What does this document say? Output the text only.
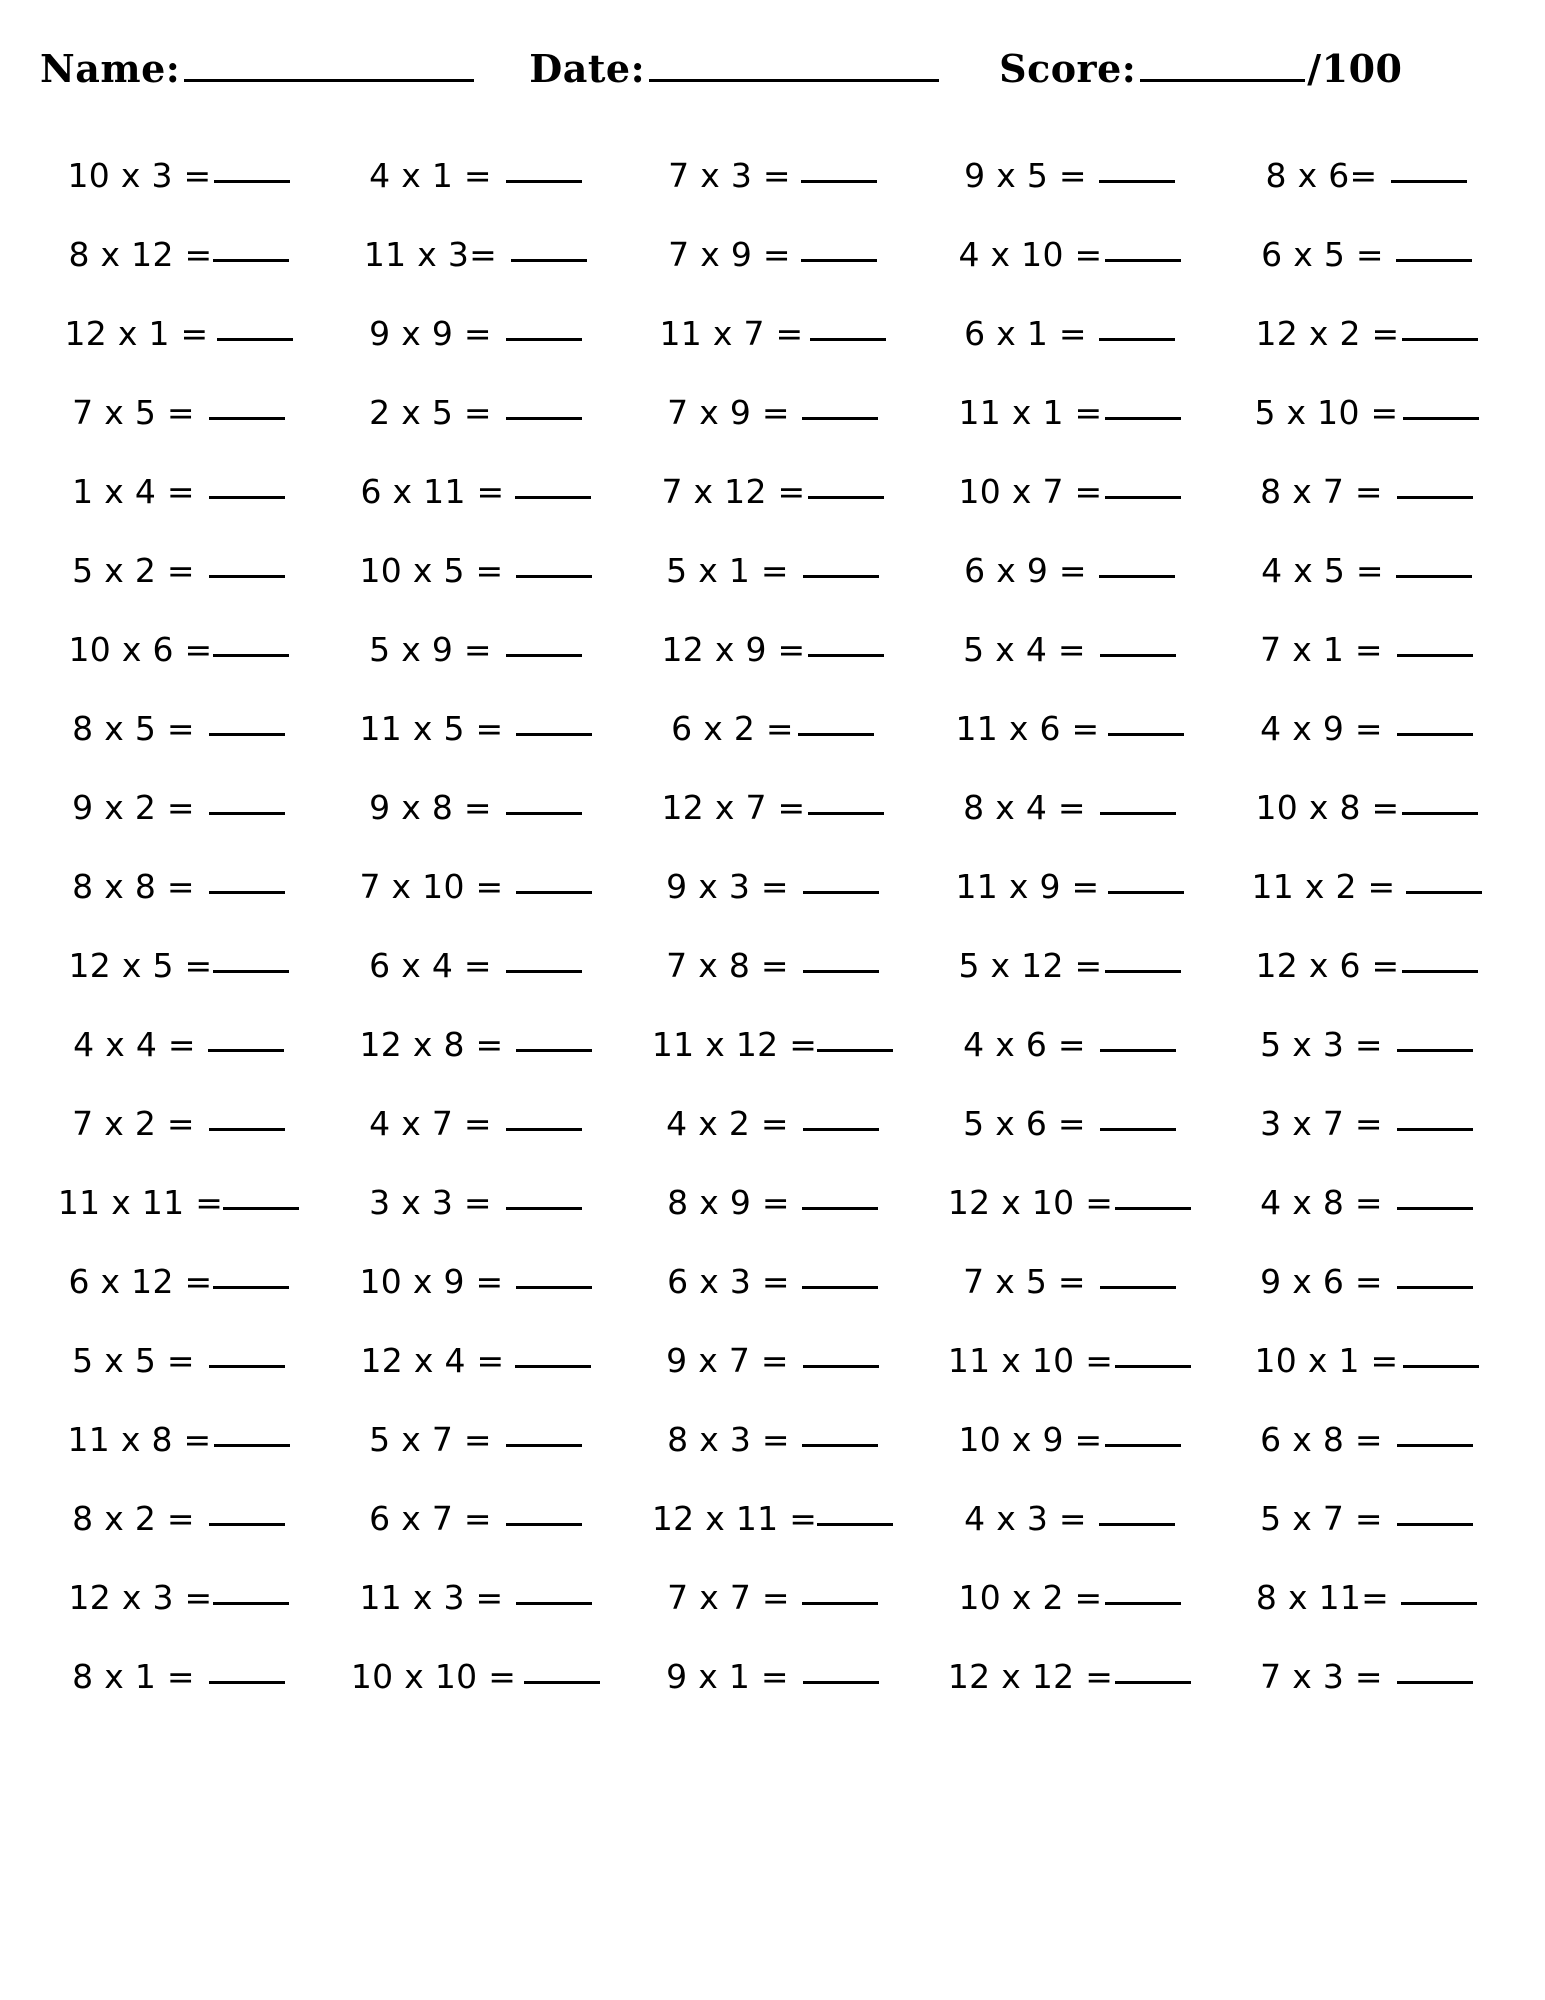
Name:	Date:	Score:	/100
10 x 3 =	4 x 1 =	7 x 3 =	9 x 5 =	8 x 6=
8 x 12 =	11 x 3=	7 x 9 =	4 x 10 =	6 x 5 =
12 x 1 =	9 x 9 =	11 x 7 =	6 x 1 =	12 x 2 =
7 x 5 =	2 x 5 =	7 x 9 =	11 x 1 =	5 x 10 =
1 x 4 =	6 x 11 =	7 x 12 =	10 x 7 =	8 x 7 =
5 x 2 =	10 x 5 =	5 x 1 =	6 x 9 =	4 x 5 =
10 x 6 =	5 x 9 =	12 x 9 =	5 x 4 =	7 x 1 =
8 x 5 =	11 x 5 =	6 x 2 =	11 x 6 =	4 x 9 =
9 x 2 =	9 x 8 =	12 x 7 =	8 x 4 =	10 x 8 =
8 x 8 =	7 x 10 =	9 x 3 =	11 x 9 =	11 x 2 =
12 x 5 =	6 x 4 =	7 x 8 =	5 x 12 =	12 x 6 =
4 x 4 =	12 x 8 =	11 x 12 =	4 x 6 =	5 x 3 =
7 x 2 =	4 x 7 =	4 x 2 =	5 x 6 =	3 x 7 =
11 x 11 =	3 x 3 =	8 x 9 =	12 x 10 =	4 x 8 =
6 x 12 =	10 x 9 =	6 x 3 =	7 x 5 =	9 x 6 =
5 x 5 =	12 x 4 =	9 x 7 =	11 x 10 =	10 x 1 =
11 x 8 =	5 x 7 =	8 x 3 =	10 x 9 =	6 x 8 =
8 x 2 =	6 x 7 =	12 x 11 =	4 x 3 =	5 x 7 =
12 x 3 =	11 x 3 =	7 x 7 =	10 x 2 =	8 x 11=
8 x 1 =	10 x 10 =	9 x 1 =	12 x 12 =	7 x 3 =
